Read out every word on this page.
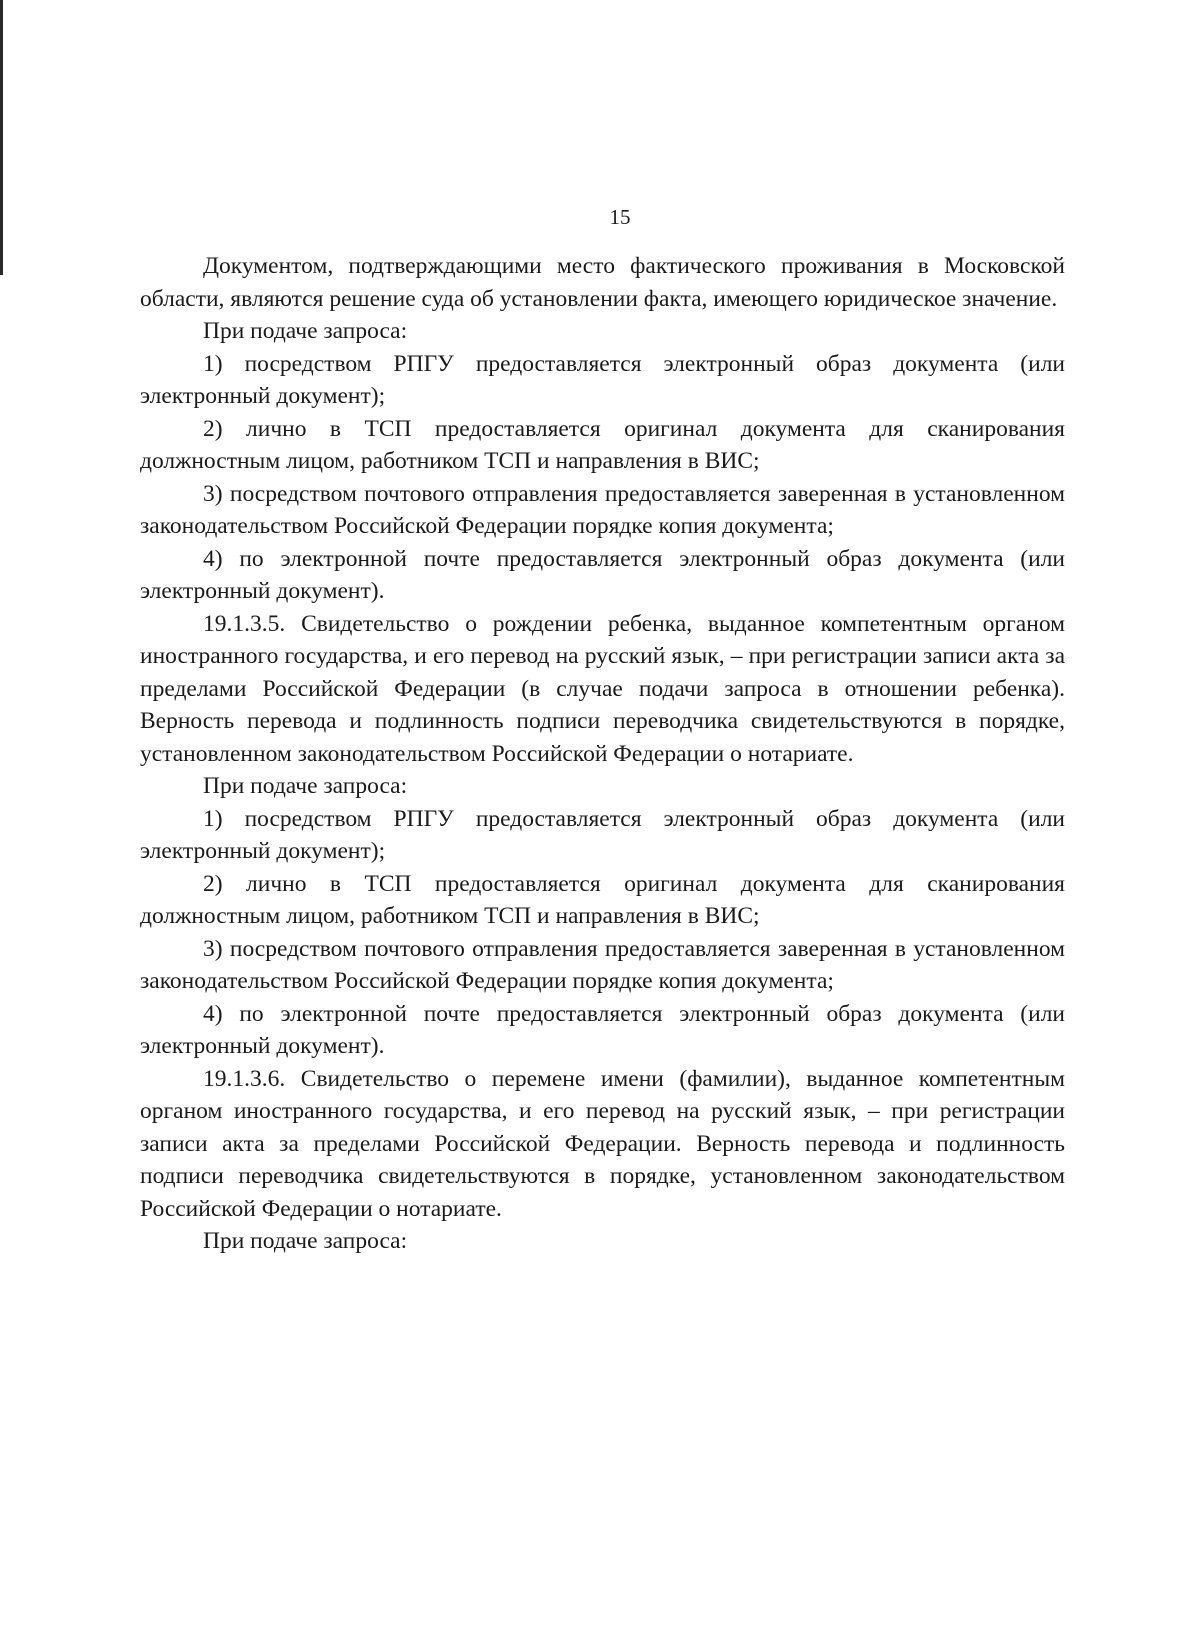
15

Документом, подтверждающими место фактического проживания в Московской области, являются решение суда об установлении факта, имеющего юридическое значение.

При подаче запроса:

1) посредством РПГУ предоставляется электронный образ документа (или электронный документ);

2) лично в ТСП предоставляется оригинал документа для сканирования должностным лицом, работником ТСП и направления в ВИС;

3) посредством почтового отправления предоставляется заверенная в установленном законодательством Российской Федерации порядке копия документа;

4) по электронной почте предоставляется электронный образ документа (или электронный документ).

19.1.3.5. Свидетельство о рождении ребенка, выданное компетентным органом иностранного государства, и его перевод на русский язык, – при регистрации записи акта за пределами Российской Федерации (в случае подачи запроса в отношении ребенка). Верность перевода и подлинность подписи переводчика свидетельствуются в порядке, установленном законодательством Российской Федерации о нотариате.

При подаче запроса:

1) посредством РПГУ предоставляется электронный образ документа (или электронный документ);

2) лично в ТСП предоставляется оригинал документа для сканирования должностным лицом, работником ТСП и направления в ВИС;

3) посредством почтового отправления предоставляется заверенная в установленном законодательством Российской Федерации порядке копия документа;

4) по электронной почте предоставляется электронный образ документа (или электронный документ).

19.1.3.6. Свидетельство о перемене имени (фамилии), выданное компетентным органом иностранного государства, и его перевод на русский язык, – при регистрации записи акта за пределами Российской Федерации. Верность перевода и подлинность подписи переводчика свидетельствуются в порядке, установленном законодательством Российской Федерации о нотариате.

При подаче запроса:
